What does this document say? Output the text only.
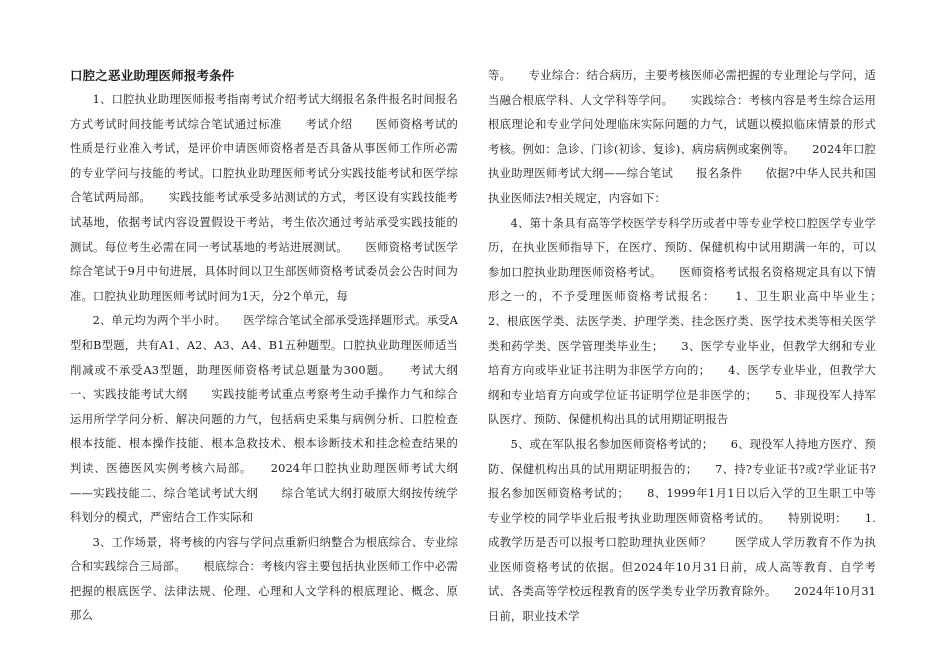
口腔之恶业助理医师报考条件

1、口腔执业助理医师报考指南考试介绍考试大纲报名条件报名时间报名方式考试时间技能考试综合笔试通过标准　　考试介绍　　医师资格考试的性质是行业准入考试，是评价申请医师资格者是否具备从事医师工作所必需的专业学问与技能的考试。口腔执业助理医师考试分实践技能考试和医学综合笔试两局部。　　实践技能考试承受多站测试的方式，考区设有实践技能考试基地，依据考试内容设置假设干考站，考生依次通过考站承受实践技能的测试。每位考生必需在同一考试基地的考站进展测试。　　医师资格考试医学综合笔试于9月中旬进展，具体时间以卫生部医师资格考试委员会公告时间为准。口腔执业助理医师考试时间为1天，分2个单元，每

2、单元均为两个半小时。　　医学综合笔试全部承受选择题形式。承受A型和B型题，共有A1、A2、A3、A4、B1五种题型。口腔执业助理医师适当削减或不承受A3型题，助理医师资格考试总题量为300题。　　考试大纲　　一、实践技能考试大纲　　实践技能考试重点考察考生动手操作力气和综合运用所学学问分析、解决问题的力气，包括病史采集与病例分析、口腔检查根本技能、根本操作技能、根本急救技术、根本诊断技术和挂念检查结果的判读、医德医风实例考核六局部。　　2024年口腔执业助理医师考试大纲——实践技能二、综合笔试考试大纲　　综合笔试大纲打破原大纲按传统学科划分的模式，严密结合工作实际和

3、工作场景，将考核的内容与学问点重新归纳整合为根底综合、专业综合和实践综合三局部。　　根底综合：考核内容主要包括执业医师工作中必需把握的根底医学、法律法规、伦理、心理和人文学科的根底理论、概念、原那么

等。　　专业综合：结合病历，主要考核医师必需把握的专业理论与学问，适当融合根底学科、人文学科等学问。　　实践综合：考核内容是考生综合运用根底理论和专业学问处理临床实际问题的力气，试题以模拟临床情景的形式考核。例如：急诊、门诊(初诊、复诊)、病房病例或案例等。　　2024年口腔执业助理医师考试大纲——综合笔试　　报名条件　　依据?中华人民共和国执业医师法?相关规定，内容如下：

4、第十条具有高等学校医学专科学历或者中等专业学校口腔医学专业学历，在执业医师指导下，在医疗、预防、保健机构中试用期满一年的，可以参加口腔执业助理医师资格考试。　　医师资格考试报名资格规定具有以下情形之一的，不予受理医师资格考试报名：　　1、卫生职业高中毕业生；　　2、根底医学类、法医学类、护理学类、挂念医疗类、医学技术类等相关医学类和药学类、医学管理类毕业生；　　3、医学专业毕业，但教学大纲和专业培育方向或毕业证书注明为非医学方向的；　　4、医学专业毕业，但教学大纲和专业培育方向或学位证书证明学位是非医学的；　　5、非现役军人持军队医疗、预防、保健机构出具的试用期证明报告

5、或在军队报名参加医师资格考试的；　　6、现役军人持地方医疗、预防、保健机构出具的试用期证明报告的；　　7、持?专业证书?或?学业证书?报名参加医师资格考试的；　　8、1999年1月1日以后入学的卫生职工中等专业学校的同学毕业后报考执业助理医师资格考试的。　　特别说明：　　1.成教学历是否可以报考口腔助理执业医师？　　医学成人学历教育不作为执业医师资格考试的依据。但2024年10月31日前，成人高等教育、自学考试、各类高等学校远程教育的医学类专业学历教育除外。　　2024年10月31日前，职业技术学
